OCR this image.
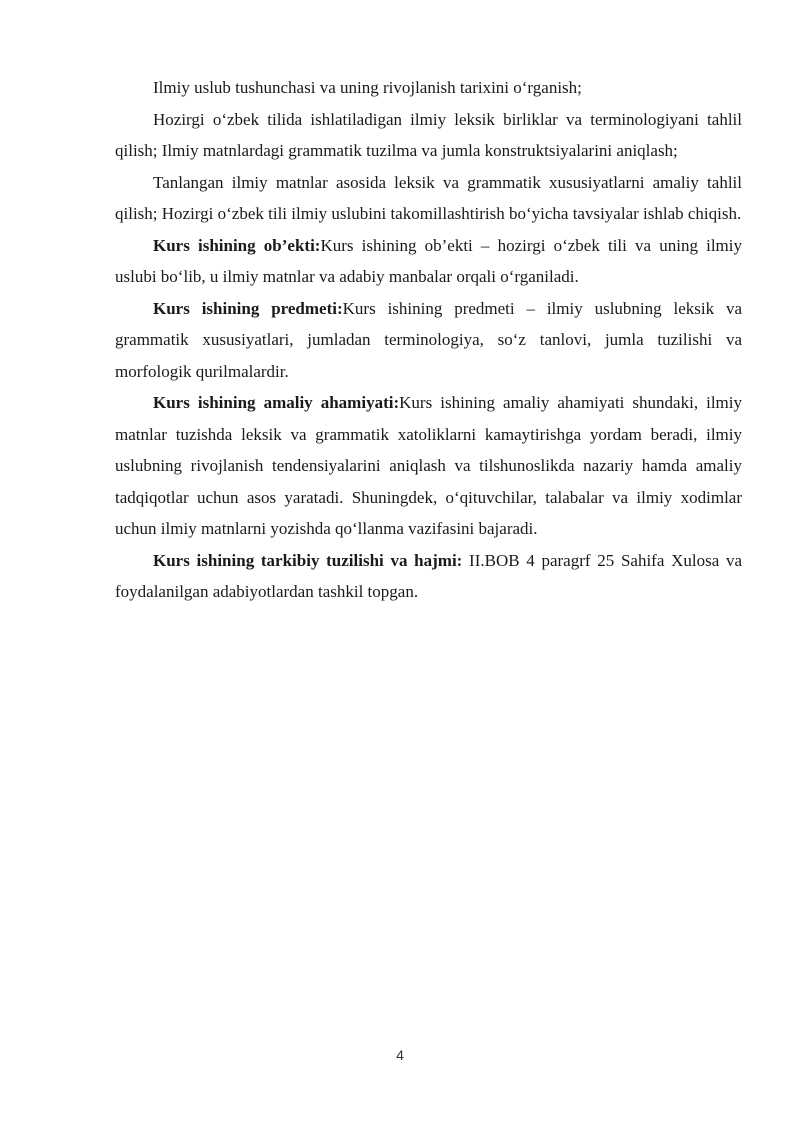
Ilmiy uslub tushunchasi va uning rivojlanish tarixini o‘rganish;

Hozirgi o‘zbek tilida ishlatiladigan ilmiy leksik birliklar va terminologiyani tahlil qilish; Ilmiy matnlardagi grammatik tuzilma va jumla konstruktsiyalarini aniqlash;

Tanlangan ilmiy matnlar asosida leksik va grammatik xususiyatlarni amaliy tahlil qilish; Hozirgi o‘zbek tili ilmiy uslubini takomillashtirish bo‘yicha tavsiyalar ishlab chiqish.

Kurs ishining ob’ekti:Kurs ishining ob’ekti – hozirgi o‘zbek tili va uning ilmiy uslubi bo‘lib, u ilmiy matnlar va adabiy manbalar orqali o‘rganiladi.

Kurs ishining predmeti:Kurs ishining predmeti – ilmiy uslubning leksik va grammatik xususiyatlari, jumladan terminologiya, so‘z tanlovi, jumla tuzilishi va morfologik qurilmalardir.

Kurs ishining amaliy ahamiyati:Kurs ishining amaliy ahamiyati shundaki, ilmiy matnlar tuzishda leksik va grammatik xatoliklarni kamaytirishga yordam beradi, ilmiy uslubning rivojlanish tendensiyalarini aniqlash va tilshunoslikda nazariy hamda amaliy tadqiqotlar uchun asos yaratadi. Shuningdek, o‘qituvchilar, talabalar va ilmiy xodimlar uchun ilmiy matnlarni yozishda qo‘llanma vazifasini bajaradi.

Kurs ishining tarkibiy tuzilishi va hajmi: II.BOB 4 paragrf 25 Sahifa Xulosa va foydalanilgan adabiyotlardan tashkil topgan.

4
